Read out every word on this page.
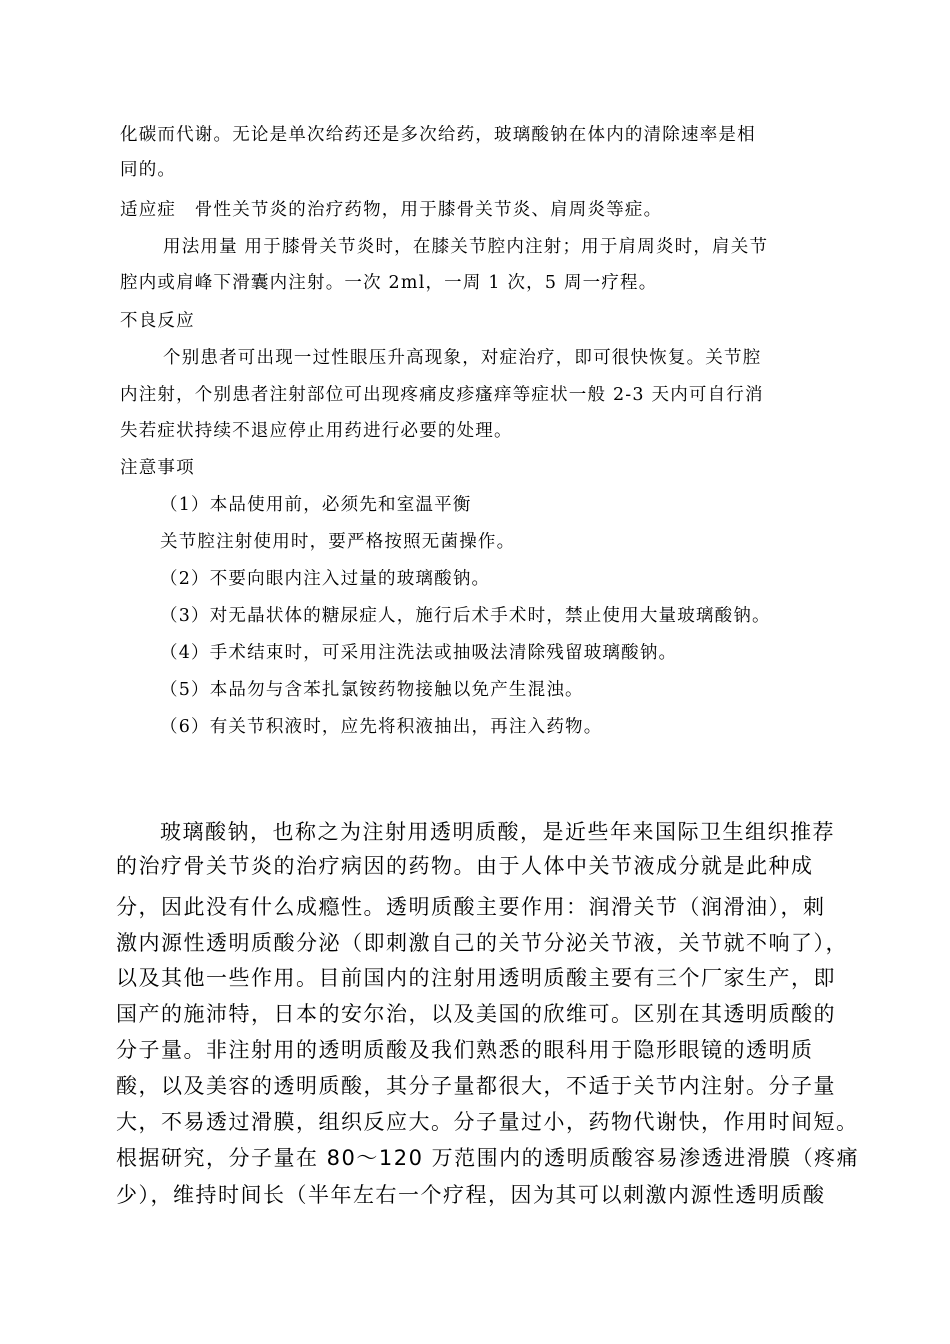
化碳而代谢。无论是单次给药还是多次给药，玻璃酸钠在体内的清除速率是相
同的。
适应症　骨性关节炎的治疗药物，用于膝骨关节炎、肩周炎等症。
用法用量 用于膝骨关节炎时，在膝关节腔内注射；用于肩周炎时，肩关节
腔内或肩峰下滑囊内注射。一次 2ml，一周 1 次，5 周一疗程。
不良反应
个别患者可出现一过性眼压升高现象，对症治疗，即可很快恢复。关节腔
内注射，个别患者注射部位可出现疼痛皮疹瘙痒等症状一般 2-3 天内可自行消
失若症状持续不退应停止用药进行必要的处理。
注意事项
（1）本品使用前，必须先和室温平衡
关节腔注射使用时，要严格按照无菌操作。
（2）不要向眼内注入过量的玻璃酸钠。
（3）对无晶状体的糖尿症人，施行后术手术时，禁止使用大量玻璃酸钠。
（4）手术结束时，可采用注洗法或抽吸法清除残留玻璃酸钠。
（5）本品勿与含苯扎氯铵药物接触以免产生混浊。
（6）有关节积液时，应先将积液抽出，再注入药物。
玻璃酸钠，也称之为注射用透明质酸，是近些年来国际卫生组织推荐
的治疗骨关节炎的治疗病因的药物。由于人体中关节液成分就是此种成
分，因此没有什么成瘾性。透明质酸主要作用：润滑关节（润滑油），刺
激内源性透明质酸分泌（即刺激自己的关节分泌关节液，关节就不响了），
以及其他一些作用。目前国内的注射用透明质酸主要有三个厂家生产，即
国产的施沛特，日本的安尔治，以及美国的欣维可。区别在其透明质酸的
分子量。非注射用的透明质酸及我们熟悉的眼科用于隐形眼镜的透明质
酸，以及美容的透明质酸，其分子量都很大，不适于关节内注射。分子量
大，不易透过滑膜，组织反应大。分子量过小，药物代谢快，作用时间短。
根据研究，分子量在 80～120 万范围内的透明质酸容易渗透进滑膜（疼痛
少），维持时间长（半年左右一个疗程，因为其可以刺激内源性透明质酸
